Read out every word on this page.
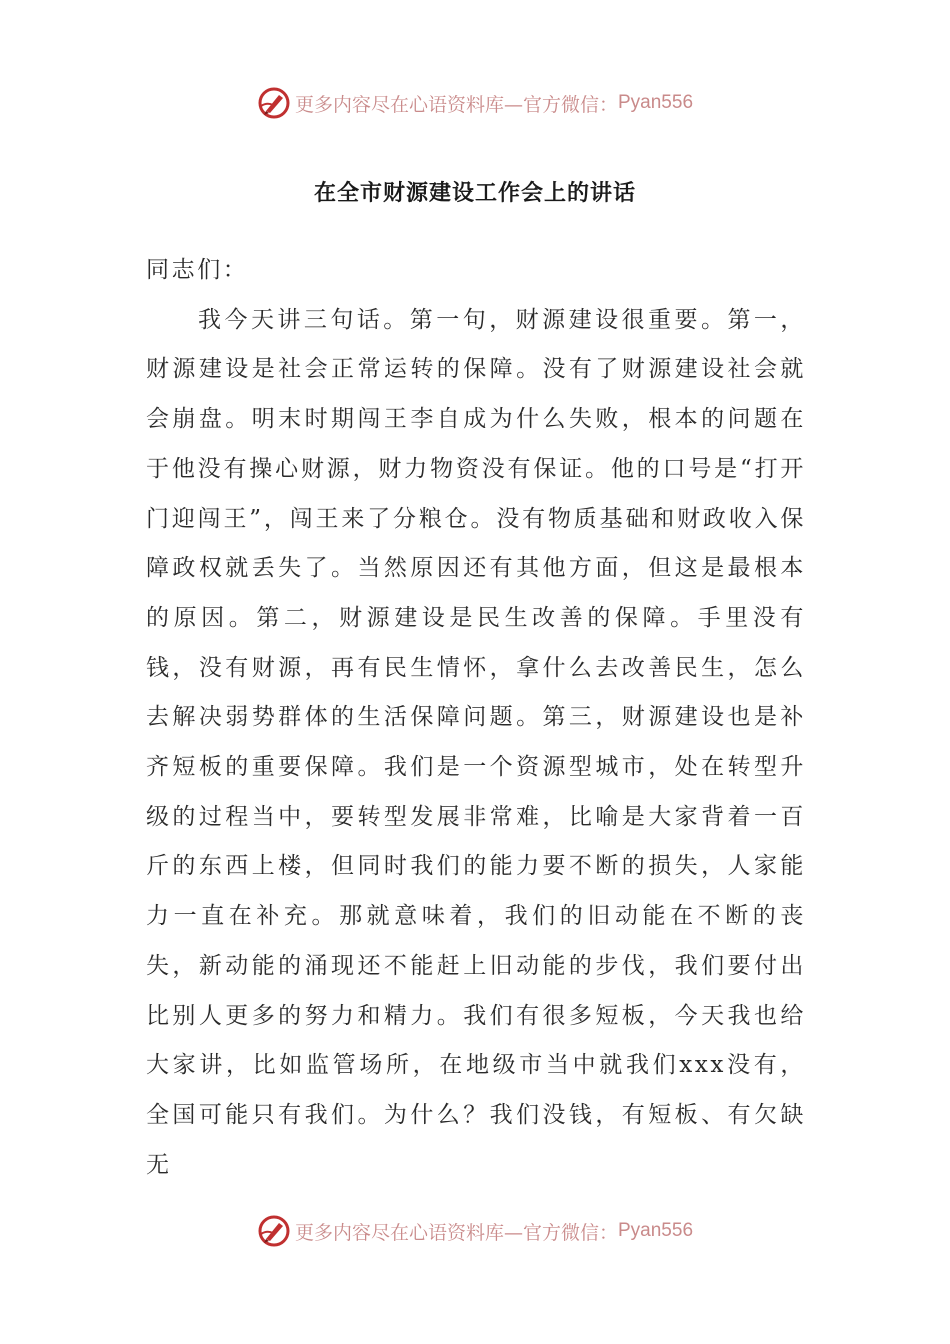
更多内容尽在心语资料库—官方微信： Pyan556
在全市财源建设工作会上的讲话

同志们：

我今天讲三句话。第一句，财源建设很重要。第一，财源建设是社会正常运转的保障。没有了财源建设社会就会崩盘。明末时期闯王李自成为什么失败，根本的问题在于他没有操心财源，财力物资没有保证。他的口号是“打开门迎闯王”，闯王来了分粮仓。没有物质基础和财政收入保障政权就丢失了。当然原因还有其他方面，但这是最根本的原因。第二，财源建设是民生改善的保障。手里没有钱，没有财源，再有民生情怀，拿什么去改善民生，怎么去解决弱势群体的生活保障问题。第三，财源建设也是补齐短板的重要保障。我们是一个资源型城市，处在转型升级的过程当中，要转型发展非常难，比喻是大家背着一百斤的东西上楼，但同时我们的能力要不断的损失，人家能力一直在补充。那就意味着，我们的旧动能在不断的丧失，新动能的涌现还不能赶上旧动能的步伐，我们要付出比别人更多的努力和精力。我们有很多短板，今天我也给大家讲，比如监管场所，在地级市当中就我们xxx没有，全国可能只有我们。为什么？我们没钱，有短板、有欠缺无

更多内容尽在心语资料库—官方微信： Pyan556
